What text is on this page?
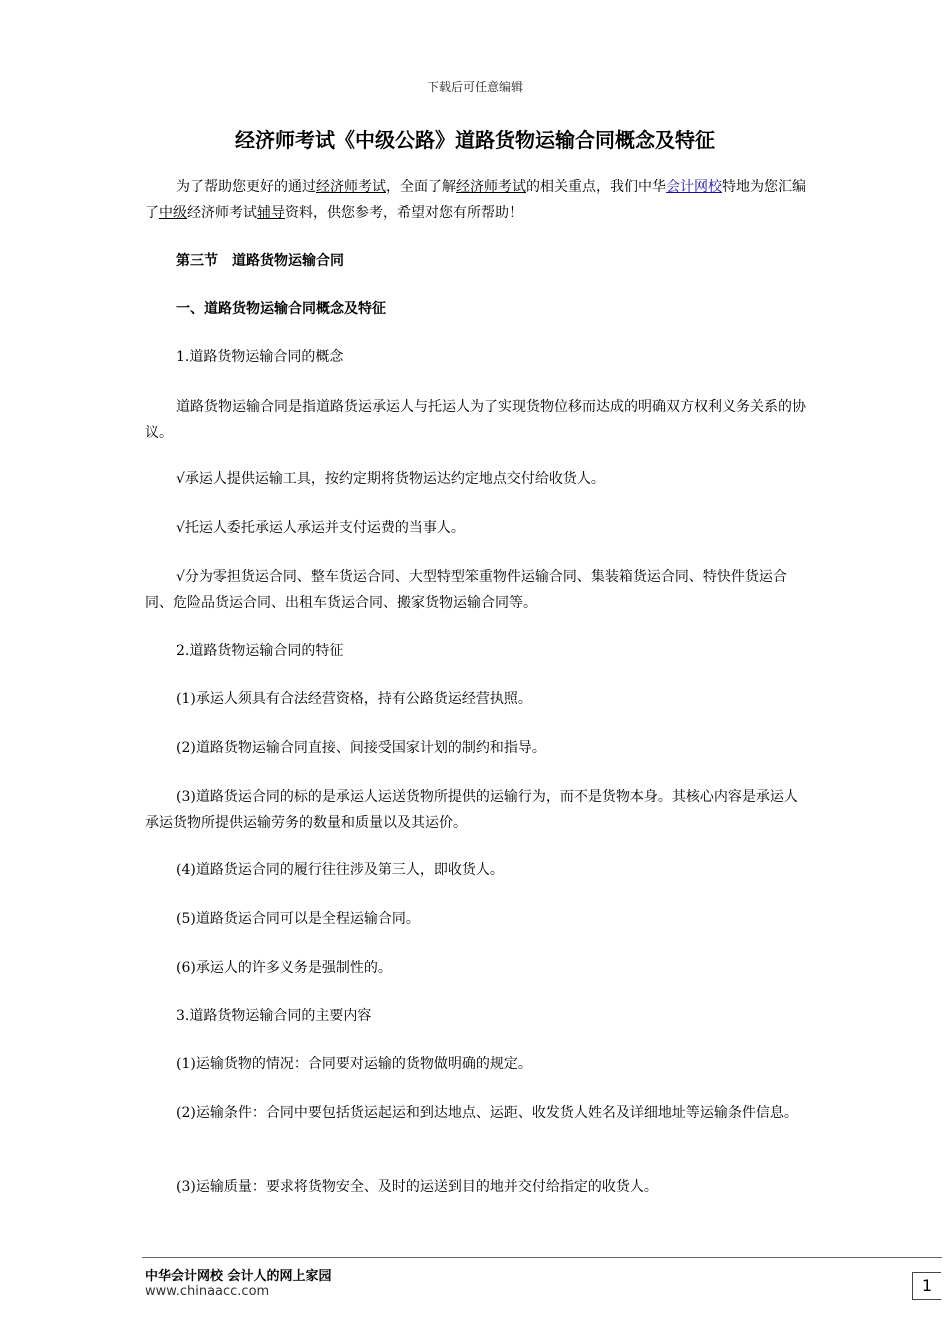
下载后可任意编辑
经济师考试《中级公路》道路货物运输合同概念及特征
为了帮助您更好的通过经济师考试，全面了解经济师考试的相关重点，我们中华会计网校特地为您汇编了中级经济师考试辅导资料，供您参考，希望对您有所帮助！
第三节　道路货物运输合同
一、道路货物运输合同概念及特征
1.道路货物运输合同的概念
道路货物运输合同是指道路货运承运人与托运人为了实现货物位移而达成的明确双方权利义务关系的协议。
√承运人提供运输工具，按约定期将货物运达约定地点交付给收货人。
√托运人委托承运人承运并支付运费的当事人。
√分为零担货运合同、整车货运合同、大型特型笨重物件运输合同、集装箱货运合同、特快件货运合同、危险品货运合同、出租车货运合同、搬家货物运输合同等。
2.道路货物运输合同的特征
(1)承运人须具有合法经营资格，持有公路货运经营执照。
(2)道路货物运输合同直接、间接受国家计划的制约和指导。
(3)道路货运合同的标的是承运人运送货物所提供的运输行为，而不是货物本身。其核心内容是承运人承运货物所提供运输劳务的数量和质量以及其运价。
(4)道路货运合同的履行往往涉及第三人，即收货人。
(5)道路货运合同可以是全程运输合同。
(6)承运人的许多义务是强制性的。
3.道路货物运输合同的主要内容
(1)运输货物的情况：合同要对运输的货物做明确的规定。
(2)运输条件：合同中要包括货运起运和到达地点、运距、收发货人姓名及详细地址等运输条件信息。
(3)运输质量：要求将货物安全、及时的运送到目的地并交付给指定的收货人。
中华会计网校 会计人的网上家园
www.chinaacc.com	1
